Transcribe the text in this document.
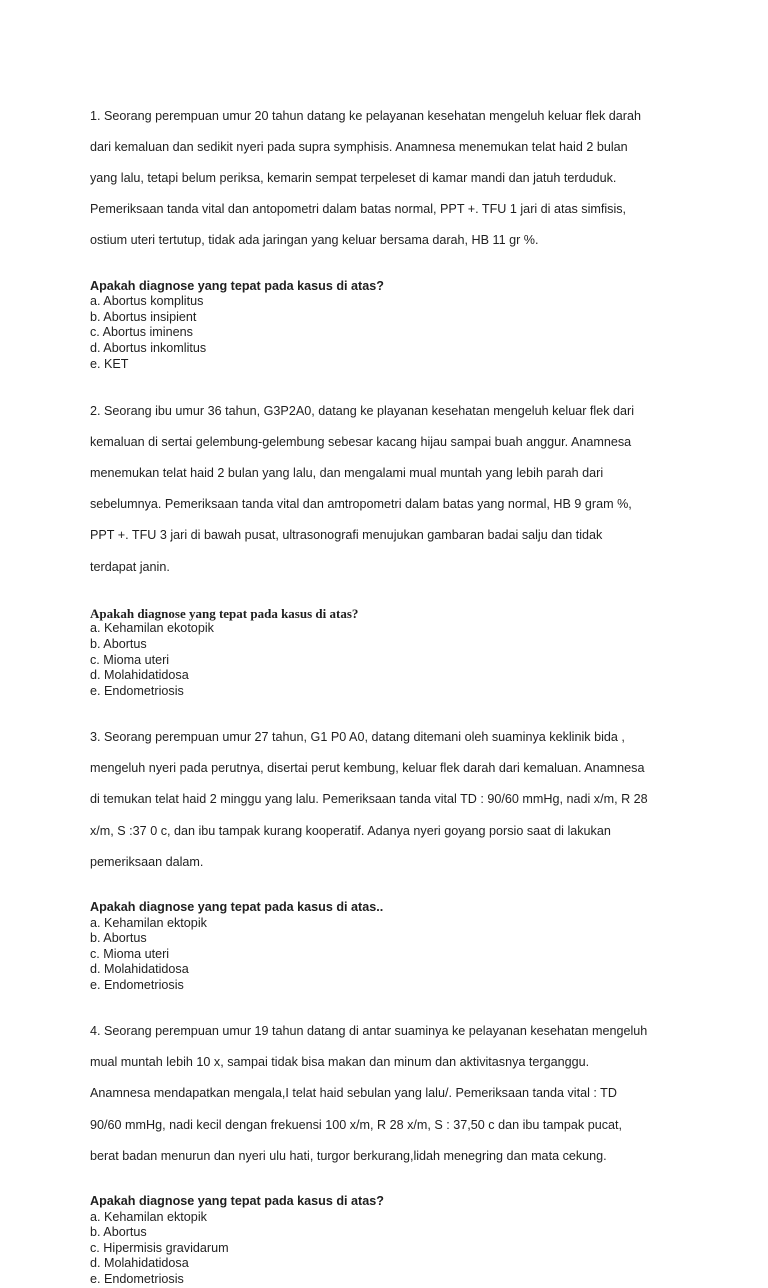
1. Seorang perempuan umur 20 tahun datang ke pelayanan kesehatan mengeluh keluar flek darah

dari kemaluan dan sedikit nyeri pada supra symphisis. Anamnesa menemukan telat haid 2 bulan

yang lalu, tetapi belum periksa, kemarin sempat terpeleset di kamar mandi dan jatuh terduduk.

Pemeriksaan tanda vital dan antopometri dalam batas normal, PPT +. TFU 1 jari di atas simfisis,

ostium uteri tertutup, tidak ada jaringan yang keluar bersama darah, HB 11 gr %.

Apakah diagnose yang tepat pada kasus di atas?
a. Abortus komplitus
b. Abortus insipient
c. Abortus iminens
d. Abortus inkomlitus
e. KET

2. Seorang ibu umur 36 tahun, G3P2A0, datang ke playanan kesehatan mengeluh keluar flek dari

kemaluan di sertai gelembung-gelembung sebesar kacang hijau sampai buah anggur. Anamnesa

menemukan telat haid 2 bulan yang lalu, dan mengalami mual muntah yang lebih parah dari

sebelumnya. Pemeriksaan tanda vital dan amtropometri dalam batas yang normal, HB 9 gram %,

PPT +. TFU 3 jari di bawah pusat, ultrasonografi menujukan gambaran badai salju dan tidak

terdapat janin.

Apakah diagnose yang tepat pada kasus di atas?
a. Kehamilan ekotopik
b. Abortus
c. Mioma uteri
d. Molahidatidosa
e. Endometriosis

3. Seorang perempuan umur 27 tahun, G1 P0 A0, datang ditemani oleh suaminya keklinik bida ,

mengeluh nyeri pada perutnya, disertai perut kembung, keluar flek darah dari kemaluan. Anamnesa

di temukan telat haid 2 minggu yang lalu. Pemeriksaan tanda vital TD : 90/60 mmHg, nadi x/m, R 28

x/m, S :37 0 c, dan ibu tampak kurang kooperatif. Adanya nyeri goyang porsio saat di lakukan

pemeriksaan dalam.

Apakah diagnose yang tepat pada kasus di atas..
a. Kehamilan ektopik
b. Abortus
c. Mioma uteri
d. Molahidatidosa
e. Endometriosis

4. Seorang perempuan umur 19 tahun datang di antar suaminya ke pelayanan kesehatan mengeluh

mual muntah lebih 10 x, sampai tidak bisa makan dan minum dan aktivitasnya terganggu.

Anamnesa mendapatkan mengala,I telat haid sebulan yang lalu/. Pemeriksaan tanda vital : TD

90/60 mmHg, nadi kecil dengan frekuensi 100 x/m, R 28 x/m, S : 37,50 c dan ibu tampak pucat,

berat badan menurun dan nyeri ulu hati, turgor berkurang,lidah menegring dan mata cekung.

Apakah diagnose yang tepat pada kasus di atas?
a. Kehamilan ektopik
b. Abortus
c. Hipermisis gravidarum
d. Molahidatidosa
e. Endometriosis
